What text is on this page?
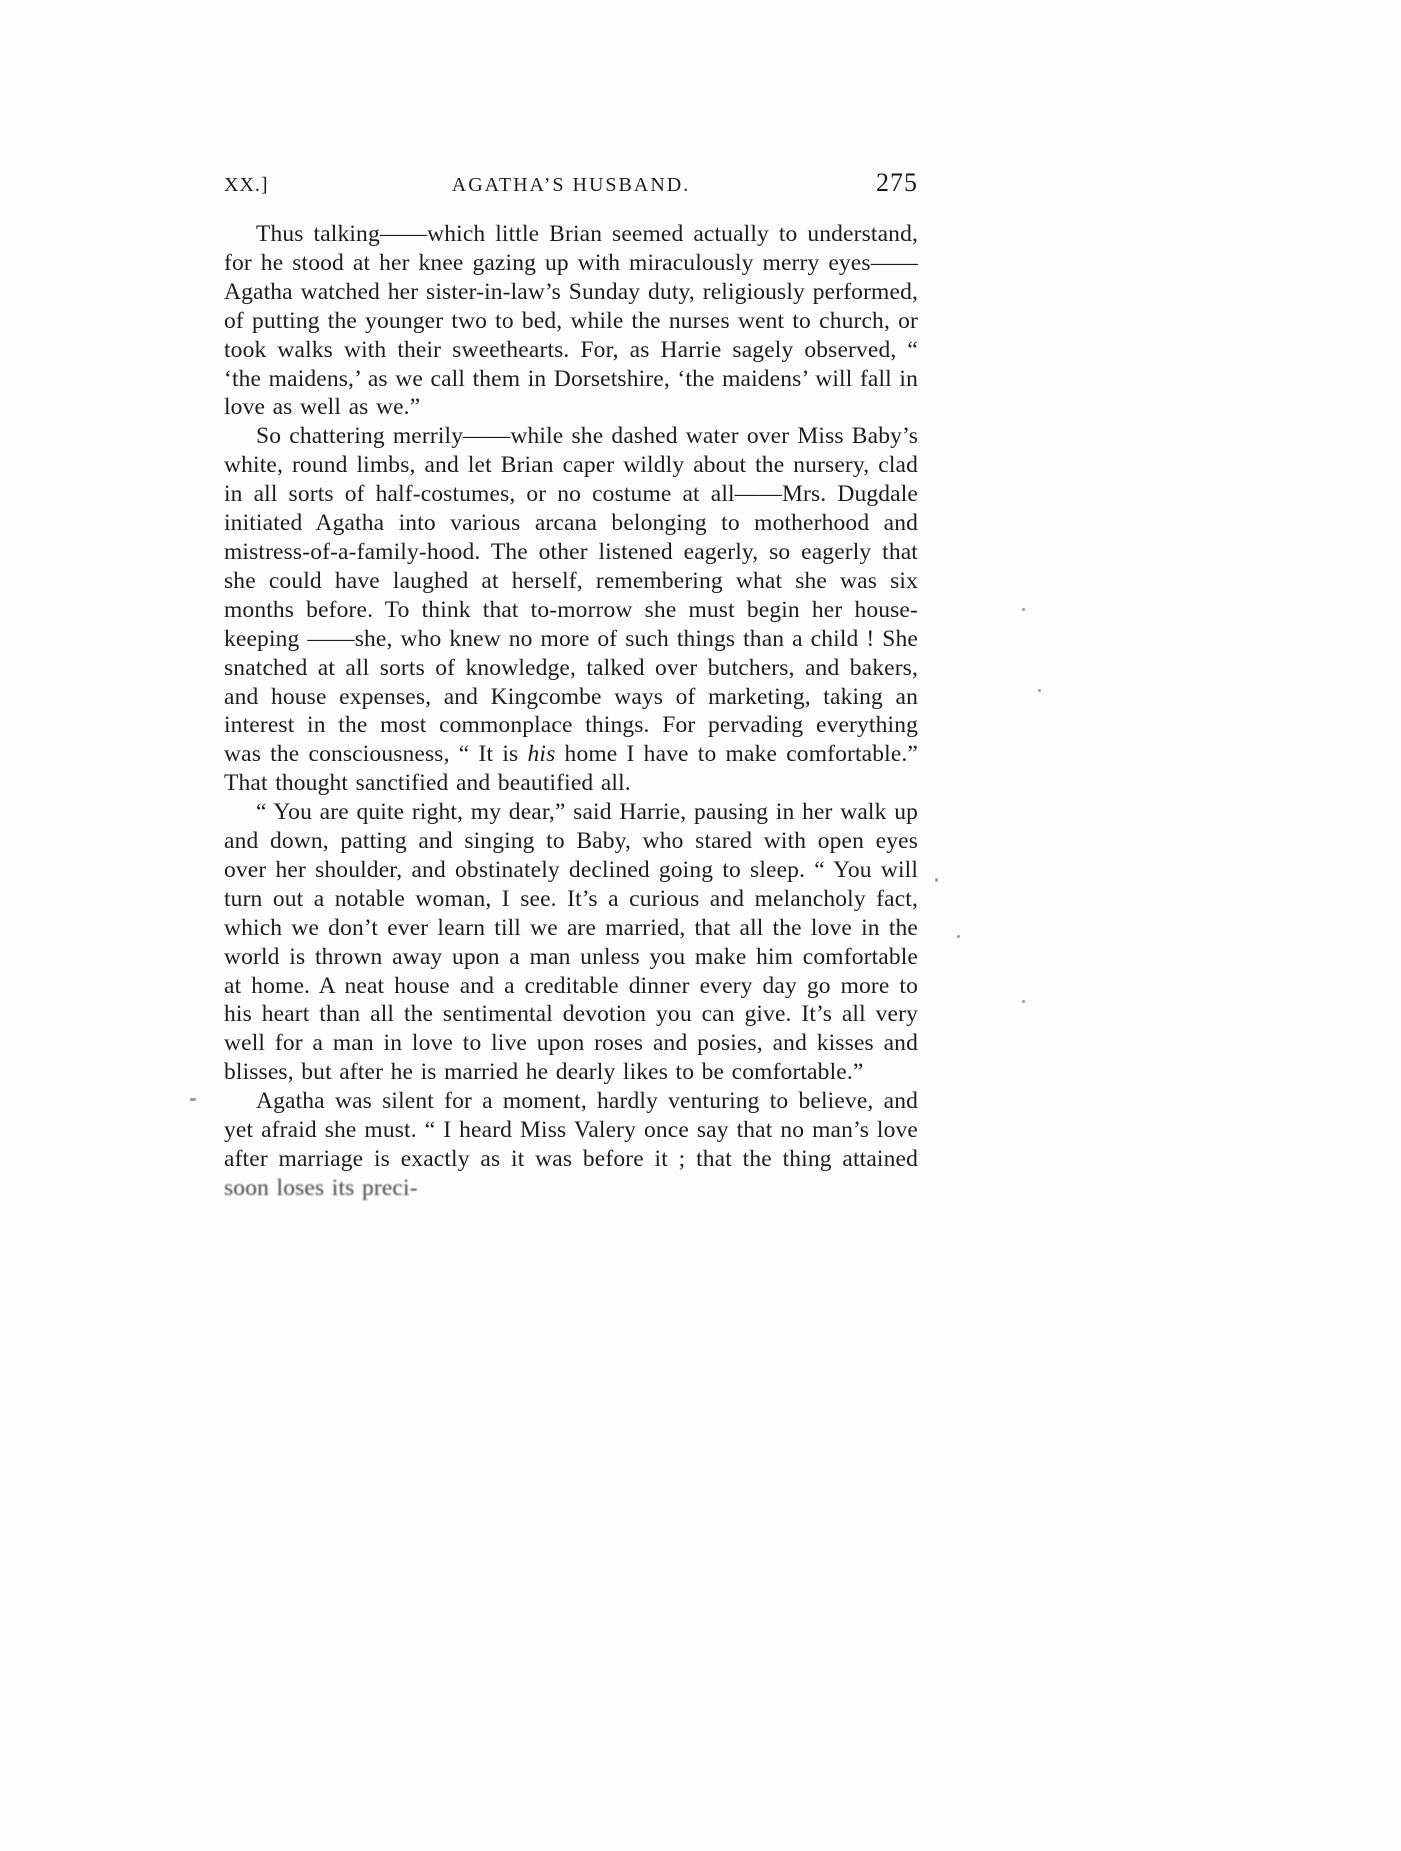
XX.]	AGATHA’S HUSBAND.	275

Thus talking——which little Brian seemed actually to understand, for he stood at her knee gazing up with miraculously merry eyes——Agatha watched her sister-in-law’s Sunday duty, religiously performed, of putting the younger two to bed, while the nurses went to church, or took walks with their sweethearts. For, as Harrie sagely observed, “ ‘the maidens,’ as we call them in Dorsetshire, ‘the maidens’ will fall in love as well as we.”

So chattering merrily——while she dashed water over Miss Baby’s white, round limbs, and let Brian caper wildly about the nursery, clad in all sorts of half-costumes, or no costume at all——Mrs. Dugdale initiated Agatha into various arcana belonging to motherhood and mistress-of-a-family-hood. The other listened eagerly, so eagerly that she could have laughed at herself, remembering what she was six months before. To think that to-morrow she must begin her house-keeping ——she, who knew no more of such things than a child ! She snatched at all sorts of knowledge, talked over butchers, and bakers, and house expenses, and Kingcombe ways of marketing, taking an interest in the most commonplace things. For pervading everything was the consciousness, “ It is his home I have to make comfortable.” That thought sanctified and beautified all.

“ You are quite right, my dear,” said Harrie, pausing in her walk up and down, patting and singing to Baby, who stared with open eyes over her shoulder, and obstinately declined going to sleep. “ You will turn out a notable woman, I see. It’s a curious and melancholy fact, which we don’t ever learn till we are married, that all the love in the world is thrown away upon a man unless you make him comfortable at home. A neat house and a creditable dinner every day go more to his heart than all the sentimental devotion you can give. It’s all very well for a man in love to live upon roses and posies, and kisses and blisses, but after he is married he dearly likes to be comfortable.”

Agatha was silent for a moment, hardly venturing to believe, and yet afraid she must. “ I heard Miss Valery once say that no man’s love after marriage is exactly as it was before it ; that the thing attained soon loses its preci-
